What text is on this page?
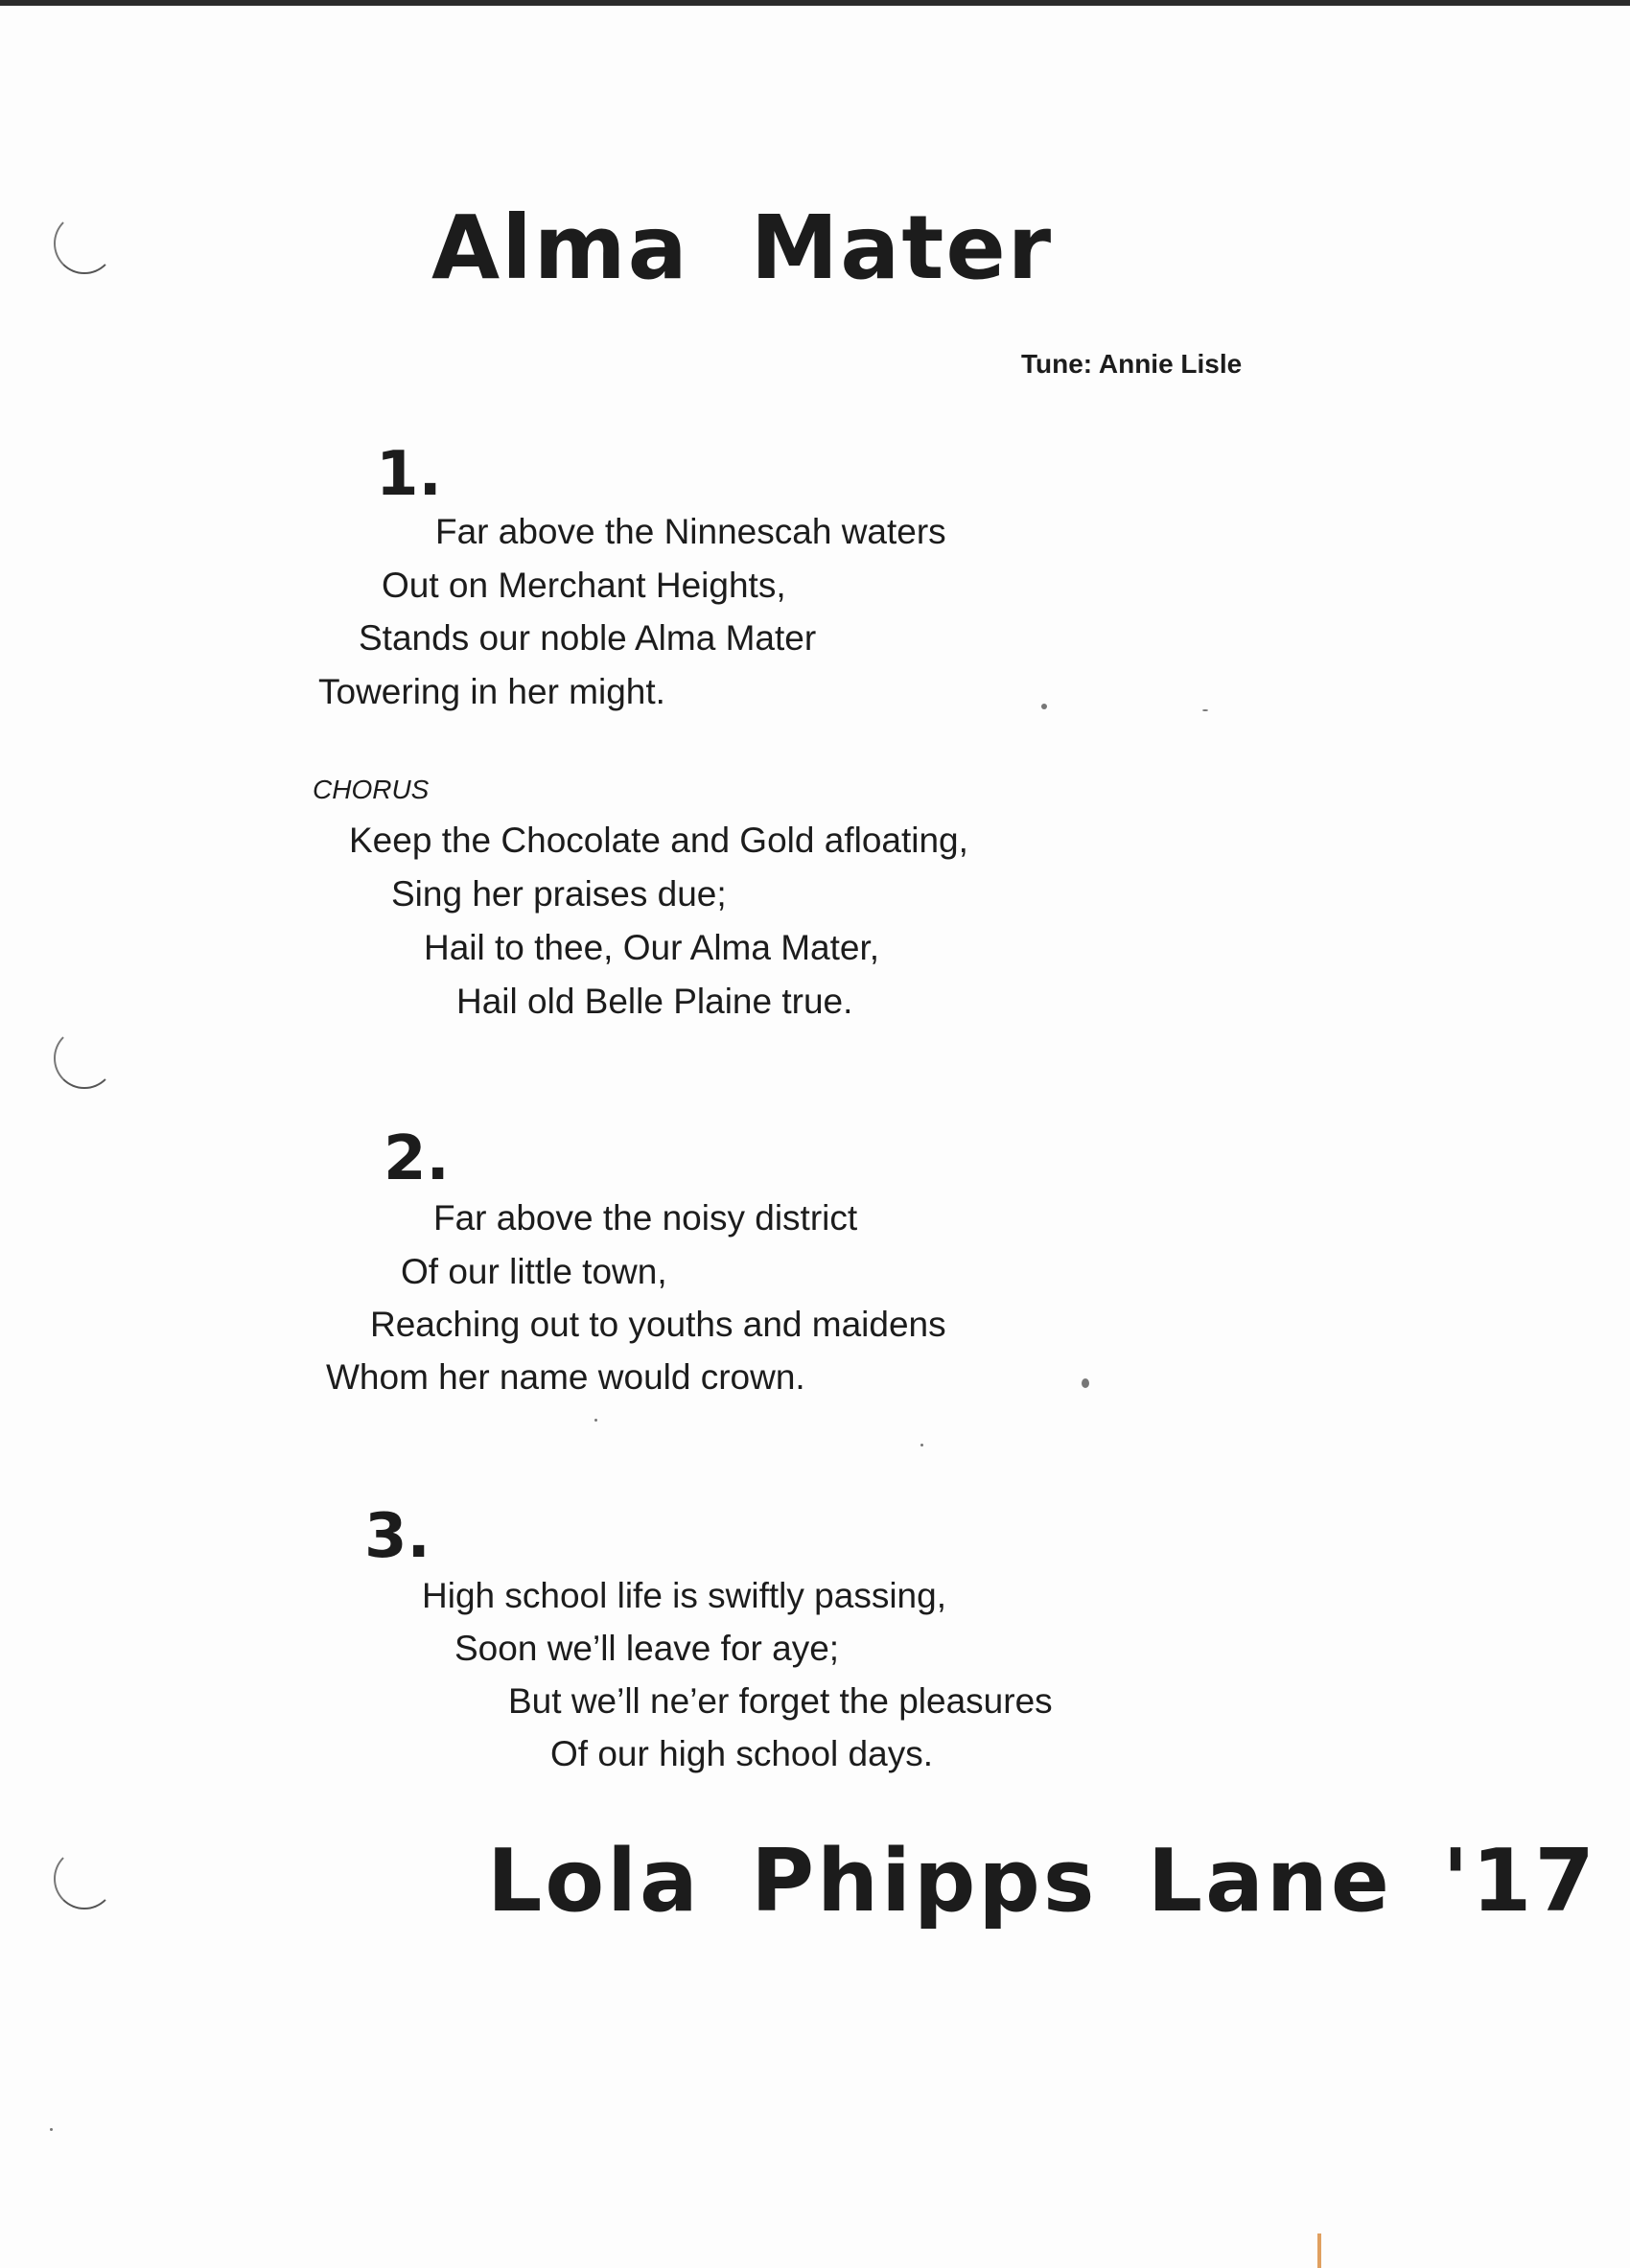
Alma Mater
Tune: Annie Lisle
1.
Far above the Ninnescah waters
Out on Merchant Heights,
Stands our noble Alma Mater
Towering in her might.
CHORUS
Keep the Chocolate and Gold afloating,
Sing her praises due;
Hail to thee, Our Alma Mater,
Hail old Belle Plaine true.
2.
Far above the noisy district
Of our little town,
Reaching out to youths and maidens
Whom her name would crown.
3.
High school life is swiftly passing,
Soon we’ll leave for aye;
But we’ll ne’er forget the pleasures
Of our high school days.
Lola Phipps Lane '17
